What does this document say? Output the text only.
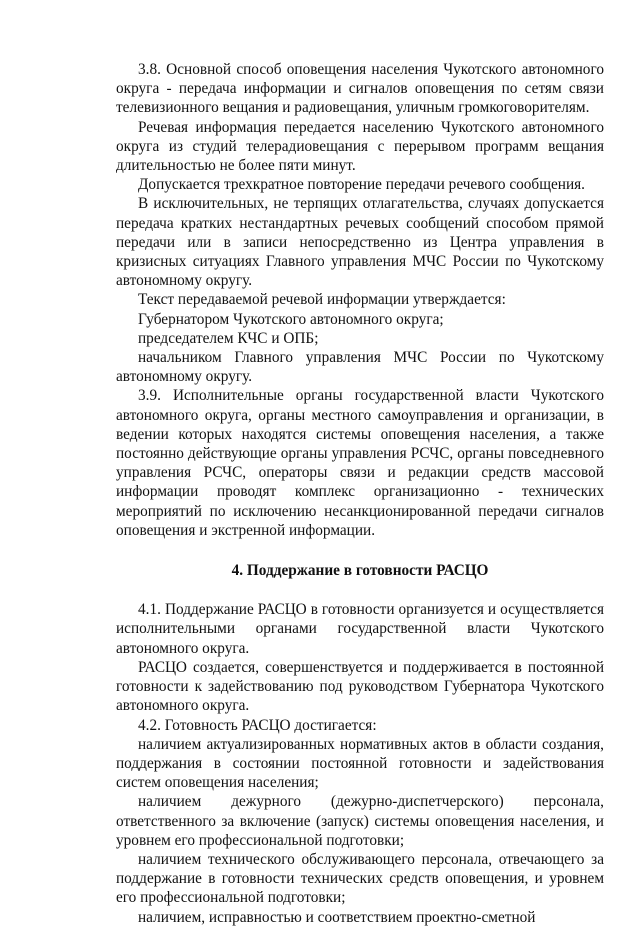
3.8. Основной способ оповещения населения Чукотского автономного округа - передача информации и сигналов оповещения по сетям связи телевизионного вещания и радиовещания, уличным громкоговорителям.

Речевая информация передается населению Чукотского автономного округа из студий телерадиовещания с перерывом программ вещания длительностью не более пяти минут.

Допускается трехкратное повторение передачи речевого сообщения.

В исключительных, не терпящих отлагательства, случаях допускается передача кратких нестандартных речевых сообщений способом прямой передачи или в записи непосредственно из Центра управления в кризисных ситуациях Главного управления МЧС России по Чукотскому автономному округу.

Текст передаваемой речевой информации утверждается:

Губернатором Чукотского автономного округа;

председателем КЧС и ОПБ;

начальником Главного управления МЧС России по Чукотскому автономному округу.

3.9. Исполнительные органы государственной власти Чукотского автономного округа, органы местного самоуправления и организации, в ведении которых находятся системы оповещения населения, а также постоянно действующие органы управления РСЧС, органы повседневного управления РСЧС, операторы связи и редакции средств массовой информации проводят комплекс организационно - технических мероприятий по исключению несанкционированной передачи сигналов оповещения и экстренной информации.

4. Поддержание в готовности РАСЦО

4.1. Поддержание РАСЦО в готовности организуется и осуществляется исполнительными органами государственной власти Чукотского автономного округа.

РАСЦО создается, совершенствуется и поддерживается в постоянной готовности к задействованию под руководством Губернатора Чукотского автономного округа.

4.2. Готовность РАСЦО достигается:

наличием актуализированных нормативных актов в области создания, поддержания в состоянии постоянной готовности и задействования систем оповещения населения;

наличием дежурного (дежурно-диспетчерского) персонала, ответственного за включение (запуск) системы оповещения населения, и уровнем его профессиональной подготовки;

наличием технического обслуживающего персонала, отвечающего за поддержание в готовности технических средств оповещения, и уровнем его профессиональной подготовки;

наличием, исправностью и соответствием проектно-сметной
